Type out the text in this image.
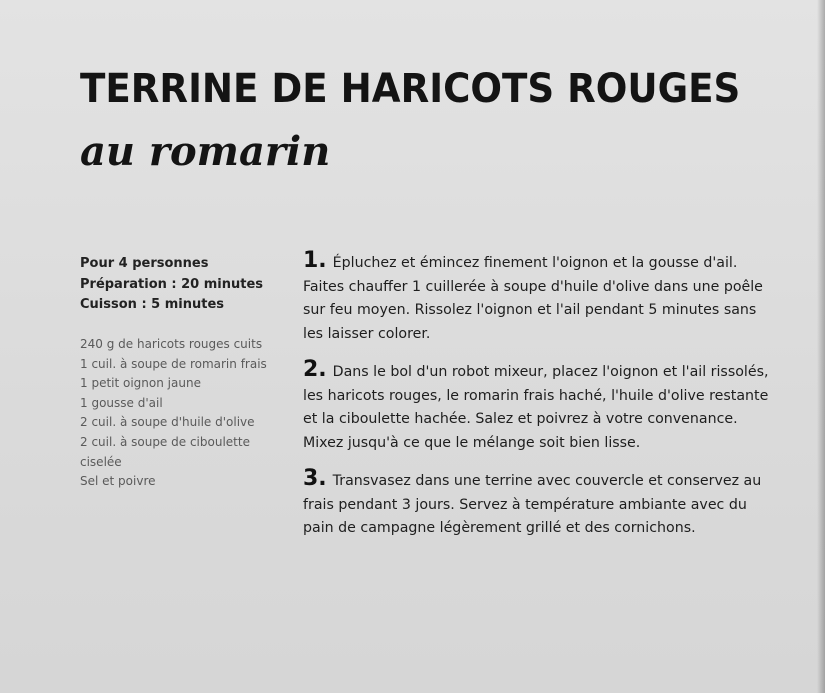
TERRINE DE HARICOTS ROUGES
au romarin
Pour 4 personnes
Préparation : 20 minutes
Cuisson : 5 minutes
240 g de haricots rouges cuits
1 cuil. à soupe de romarin frais
1 petit oignon jaune
1 gousse d'ail
2 cuil. à soupe d'huile d'olive
2 cuil. à soupe de ciboulette ciselée
Sel et poivre
1. Épluchez et émincez finement l'oignon et la gousse d'ail. Faites chauffer 1 cuillerée à soupe d'huile d'olive dans une poêle sur feu moyen. Rissolez l'oignon et l'ail pendant 5 minutes sans les laisser colorer.
2. Dans le bol d'un robot mixeur, placez l'oignon et l'ail rissolés, les haricots rouges, le romarin frais haché, l'huile d'olive restante et la ciboulette hachée. Salez et poivrez à votre convenance. Mixez jusqu'à ce que le mélange soit bien lisse.
3. Transvasez dans une terrine avec couvercle et conservez au frais pendant 3 jours. Servez à température ambiante avec du pain de campagne légèrement grillé et des cornichons.
